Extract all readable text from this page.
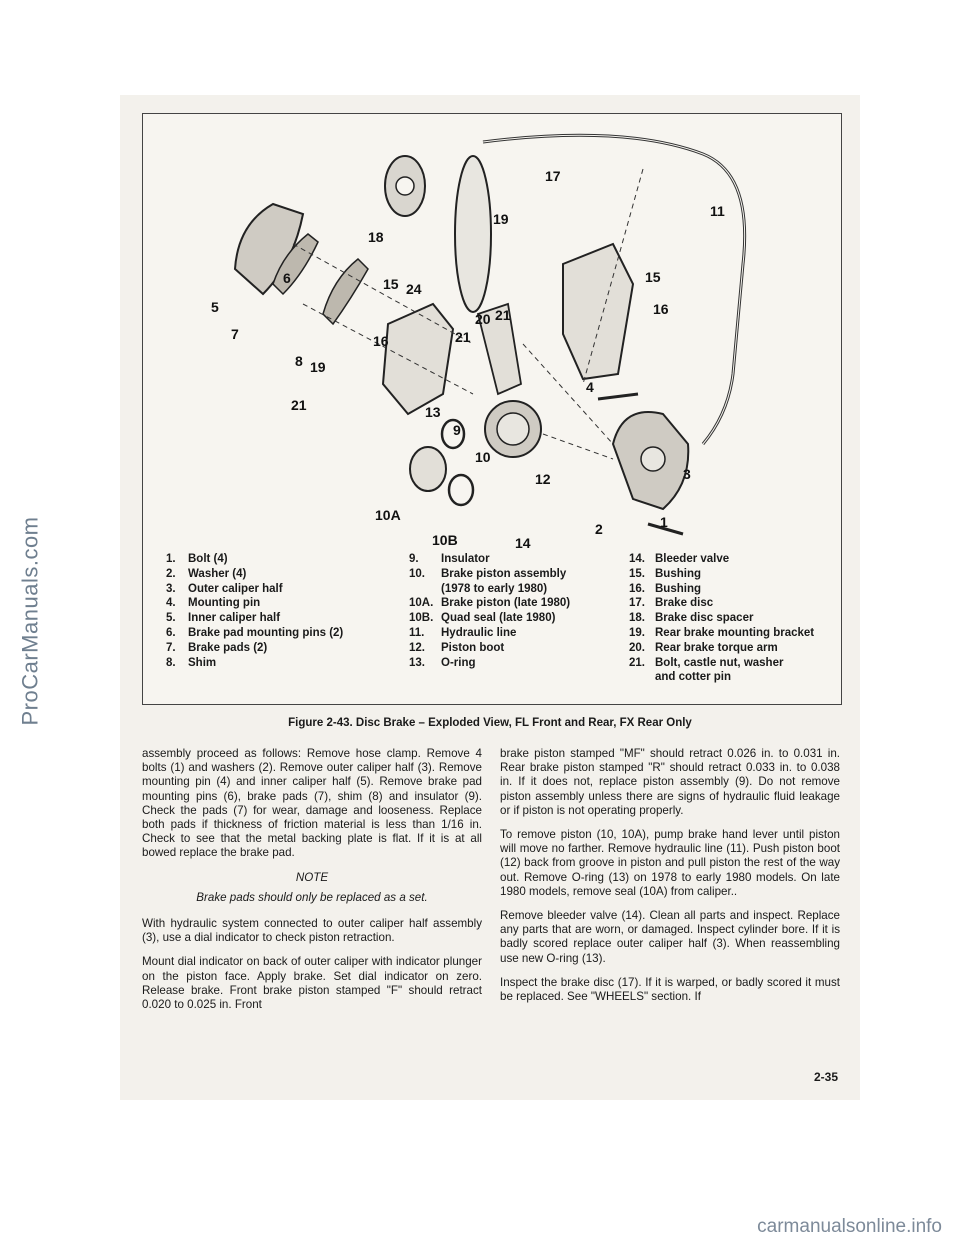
ProCarManuals.com	1
2
3
4
5
6
7
8
9
10
10A
10B
11
12
13
14
15	15
16
16
17
18
19
19
20 21
21
21
24
1. Bolt (4)
2. Washer (4)
3. Outer caliper half
4. Mounting pin
5. Inner caliper half
6. Brake pad mounting pins (2)
7. Brake pads (2)
8. Shim
9. Insulator
10. Brake piston assembly
(1978 to early 1980)
10A. Brake piston (late 1980)
10B. Quad seal (late 1980)
11. Hydraulic line
12. Piston boot
13. O-ring
14. Bleeder valve
15. Bushing
16. Bushing
17. Brake disc
18. Brake disc spacer
19. Rear brake mounting bracket
20. Rear brake torque arm
21. Bolt, castle nut, washer
and cotter pin
Figure 2-43. Disc Brake – Exploded View, FL Front and Rear, FX Rear Only

assembly proceed as follows: Remove hose clamp. Remove 4 bolts (1) and washers (2). Remove outer caliper half (3). Remove mounting pin (4) and inner caliper half (5). Remove brake pad mounting pins (6), brake pads (7), shim (8) and insulator (9). Check the pads (7) for wear, damage and looseness. Replace both pads if thickness of friction material is less than 1/16 in. Check to see that the metal backing plate is flat. If it is at all bowed replace the brake pad.

NOTE
Brake pads should only be replaced as a set.

With hydraulic system connected to outer caliper half assembly (3), use a dial indicator to check piston retraction.

Mount dial indicator on back of outer caliper with indicator plunger on the piston face. Apply brake. Set dial indicator on zero. Release brake. Front brake piston stamped "F" should retract 0.020 to 0.025 in. Front

brake piston stamped "MF" should retract 0.026 in. to 0.031 in. Rear brake piston stamped "R" should retract 0.033 in. to 0.038 in. If it does not, replace piston assembly (9). Do not remove piston assembly unless there are signs of hydraulic fluid leakage or if piston is not operating properly.

To remove piston (10, 10A), pump brake hand lever until piston will move no farther. Remove hydraulic line (11). Push piston boot (12) back from groove in piston and pull piston the rest of the way out. Remove O-ring (13) on 1978 to early 1980 models. On late 1980 models, remove seal (10A) from caliper..

Remove bleeder valve (14). Clean all parts and inspect. Replace any parts that are worn, or damaged. Inspect cylinder bore. If it is badly scored replace outer caliper half (3). When reassembling use new O-ring (13).

Inspect the brake disc (17). If it is warped, or badly scored it must be replaced. See "WHEELS" section. If

2-35
carmanualsonline.info
